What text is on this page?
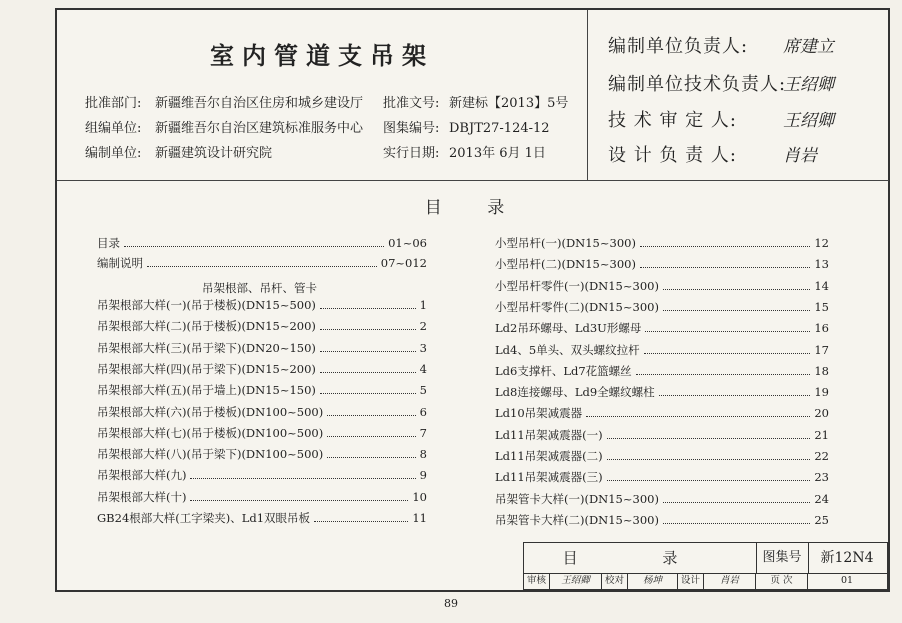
室内管道支吊架
批准部门: 新疆维吾尔自治区住房和城乡建设厅 批准文号: 新建标【2013】5号
组编单位: 新疆维吾尔自治区建筑标准服务中心 图集编号: DBJT27-124-12
编制单位: 新疆建筑设计研究院	实行日期: 2013年 6月 1日
编制单位负责人: 席建立
编制单位技术负责人:王绍卿
技 术 审 定 人:	王绍卿
设 计 负 责 人:	肖岩
目 录
目录	01~06
编制说明	07~012
吊架根部大样(一)(吊于楼板)(DN15~500)	1
吊架根部大样(二)(吊于楼板)(DN15~200)	2
吊架根部大样(三)(吊于梁下)(DN20~150)	3
吊架根部大样(四)(吊于梁下)(DN15~200)	4
吊架根部大样(五)(吊于墙上)(DN15~150)	5
吊架根部大样(六)(吊于楼板)(DN100~500)	6
吊架根部大样(七)(吊于楼板)(DN100~500)	7
吊架根部大样(八)(吊于梁下)(DN100~500)	8
吊架根部大样(九)	9
吊架根部大样(十)	10
GB24根部大样(工字梁夹)、Ld1双眼吊板	11
小型吊杆(一)(DN15~300)	12
小型吊杆(二)(DN15~300)	13
小型吊杆零件(一)(DN15~300)	14
小型吊杆零件(二)(DN15~300)	15
Ld2吊环螺母、Ld3U形螺母	16
Ld4、5单头、双头螺纹拉杆	17
Ld6支撑杆、Ld7花篮螺丝	18
Ld8连接螺母、Ld9全螺纹螺柱	19
Ld10吊架减震器	20
Ld11吊架减震器(一)	21
Ld11吊架减震器(二)	22
Ld11吊架减震器(三)	23
吊架管卡大样(一)(DN15~300)	24
吊架管卡大样(二)(DN15~300)	25
吊架根部、吊杆、管卡
目 录	图集号	新12N4
审核	王绍卿	校对	杨坤	设计	肖岩	页 次	01
89
